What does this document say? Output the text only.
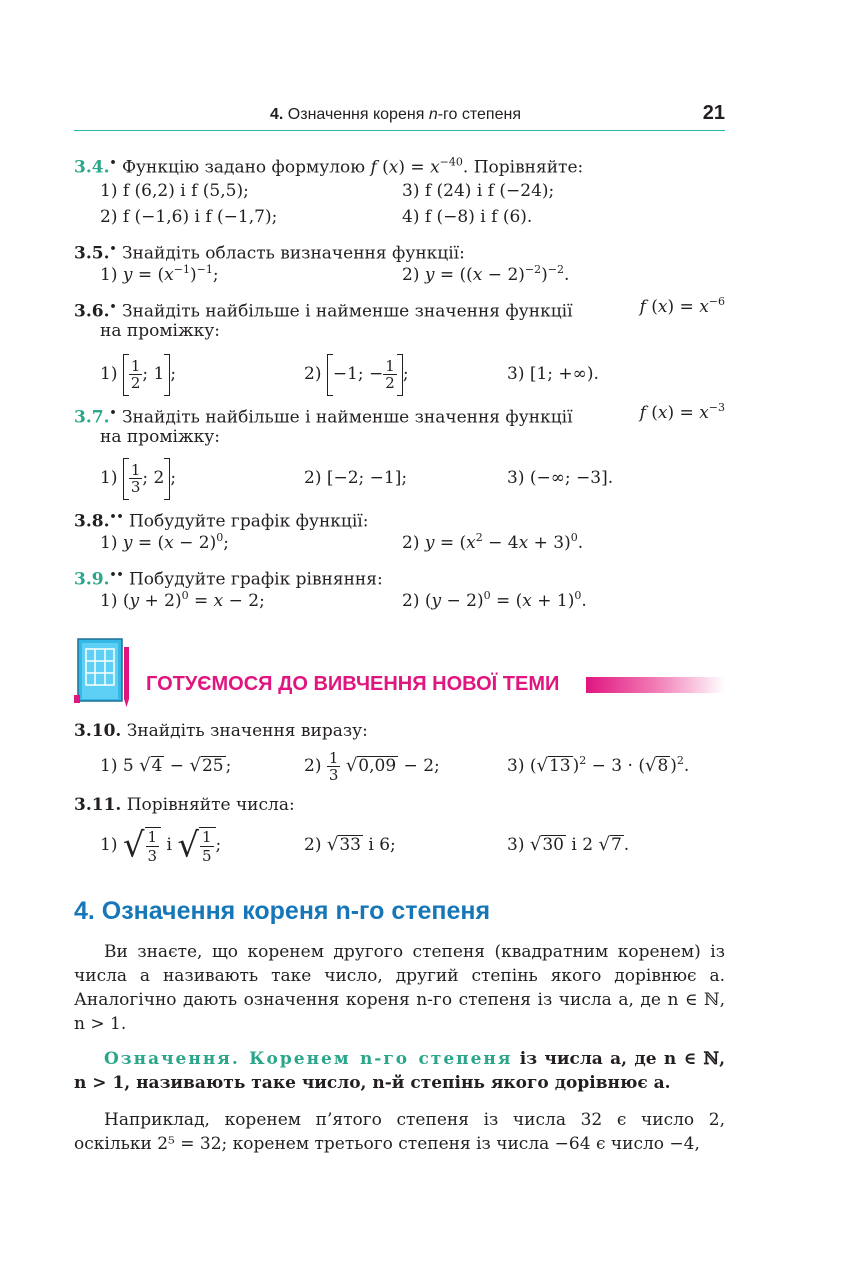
4. Означення кореня n-го степеня	21
3.4.• Функцію задано формулою f $(x) = x^{-40}$. Порівняйте:
1) f (6,2) і f (5,5);	3) f (24) і f (−24);
2) f (−1,6) і f (−1,7);	4) f (−8) і f (6).
3.5.• Знайдіть область визначення функції:
1) $y = (x^{-1})^{-1}$;	2) $y = ((x - 2)^{-2})^{-2}$.
3.6.• Знайдіть найбільше і найменше значення функції	f $(x) = x^{-6}$
на проміжку:
$1) \frac{1}{2}$ ; 1 ;	2) −1; − $\frac{1}{2}$ ;	3) [1; +∞).
3.7.• Знайдіть найбільше і найменше значення функції	f $(x) = x^{-3}$
на проміжку:
$1) \frac{1}{3}$ ; 2 ;	2) [−2; −1];	3) (−∞; −3].
3.8.•• Побудуйте графік функції:
1) $y = (x - 2)^0$;	2) $y = (x^2 - 4x + 3)^0$.
3.9.•• Побудуйте графік рівняння:
1) $(y + 2)^0 = x - 2$;	2) $(y - 2)^0 = (x + 1)^0$.
ГОТУЄМОСЯ ДО ВИВЧЕННЯ НОВОЇ ТЕМИ
3.10. Знайдіть значення виразу:
1) 5 √4 − √25 ;	$2) \frac{1}{3} √0,09 - 2$;	3) (√13 )$^2$ − 3 · (√8 )$^2$.
3.11. Порівняйте числа:
1) √ $\frac{1}{3}$ і √ $\frac{1}{5}$ ;	2) √33 і 6;	3) √30 і 2 √7 .
4. Означення кореня n-го степеня
Ви знаєте, що коренем другого степеня (квадратним коренем) із числа a називають таке число, другий степінь якого дорівнює a. Аналогічно дають означення кореня n-го степеня із числа a, де n ∈ ℕ, n > 1.
Означення. Коренем n-го степеня із числа a, де n ∈ ℕ, n > 1, називають таке число, n-й степінь якого дорівнює a.
Наприклад, коренем п’ятого степеня із числа 32 є число 2, оскільки 2⁵ = 32; коренем третього степеня із числа −64 є число −4,
